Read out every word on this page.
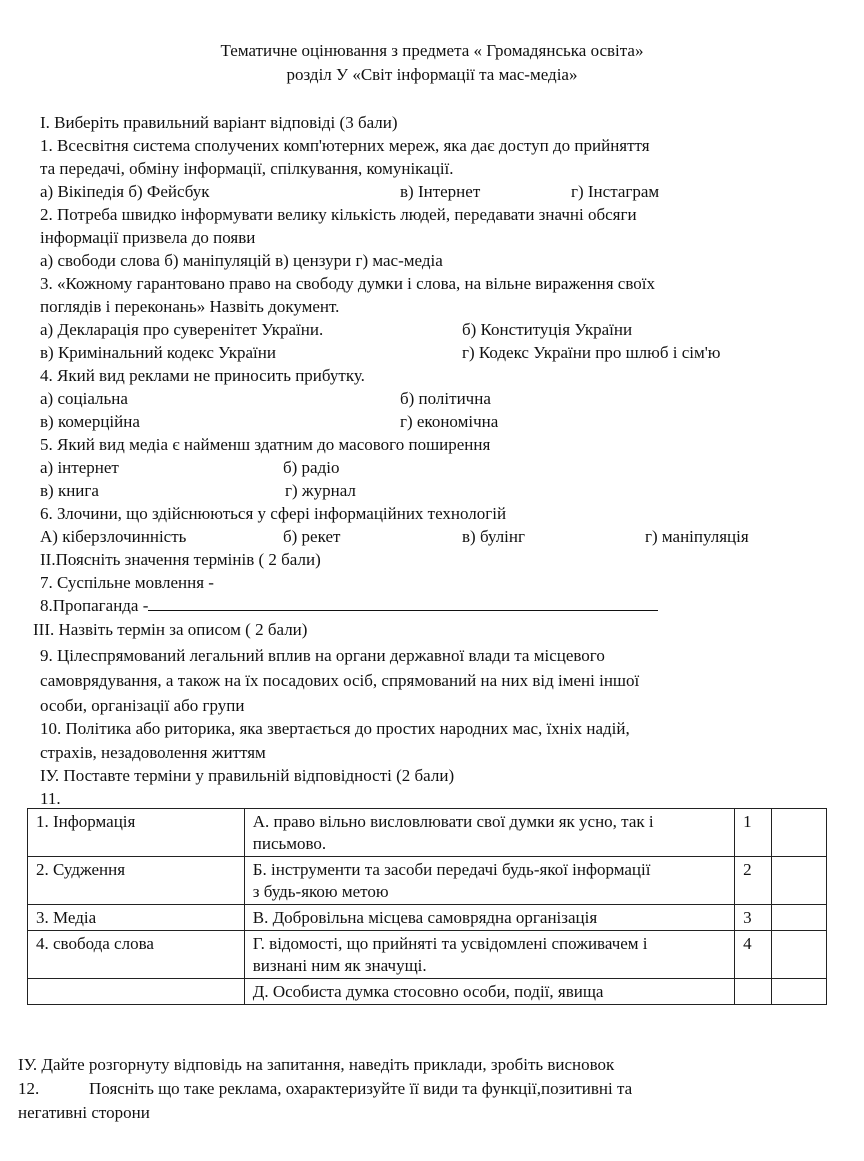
Тематичне оцінювання з предмета « Громадянська освіта»
розділ У «Світ інформації та мас-медіа»
І. Виберіть правильний варіант відповіді (3 бали)
1. Всесвітня система сполучених комп'ютерних мереж, яка дає доступ до прийняття
та передачі, обміну інформації, спілкування, комунікації.
а) Вікіпедія б) Фейсбук	в) Інтернет	г) Інстаграм
2. Потреба швидко інформувати велику кількість людей, передавати значні обсяги
інформації призвела до появи
а) свободи слова б) маніпуляцій в) цензури г) мас-медіа
3. «Кожному гарантовано право на свободу думки і слова, на вільне вираження своїх
поглядів і переконань» Назвіть документ.
а) Декларація про суверенітет України.	б) Конституція України
в) Кримінальний кодекс України	г) Кодекс України про шлюб і сім'ю
4. Який вид реклами не приносить прибутку.
а) соціальна	б) політична
в) комерційна	г) економічна
5. Який вид медіа є найменш здатним до масового поширення
а) інтернет	б) радіо
в) книга	г) журнал
6. Злочини, що здійснюються у сфері інформаційних технологій
А) кіберзлочинність	б) рекет	в) булінг	г) маніпуляція
ІІ.Поясніть значення термінів ( 2 бали)
7. Суспільне мовлення -
8.Пропаганда -
ІІІ. Назвіть термін за описом ( 2 бали)
9. Цілеспрямований легальний вплив на органи державної влади та місцевого
самоврядування, а також на їх посадових осіб, спрямований на них від імені іншої
особи, організації або групи
10. Політика або риторика, яка звертається до простих народних мас, їхніх надій,
страхів, незадоволення життям
ІУ. Поставте терміни у правильній відповідності (2 бали)
11.
1. Інформація	А. право вільно висловлювати свої думки як усно, так і
письмово.	1	
2. Судження	Б. інструменти та засоби передачі будь-якої інформації
з будь-якою метою	2	
3. Медіа	В. Добровільна місцева самоврядна організація	3	
4. свобода слова	Г. відомості, що прийняті та усвідомлені споживачем і
визнані ним як значущі.	4	

	Д. Особиста думка стосовно особи, події, явища		

ІУ. Дайте розгорнуту відповідь на запитання, наведіть приклади, зробіть висновок
12.	Поясніть що таке реклама, охарактеризуйте її види та функції,позитивні та
негативні сторони
